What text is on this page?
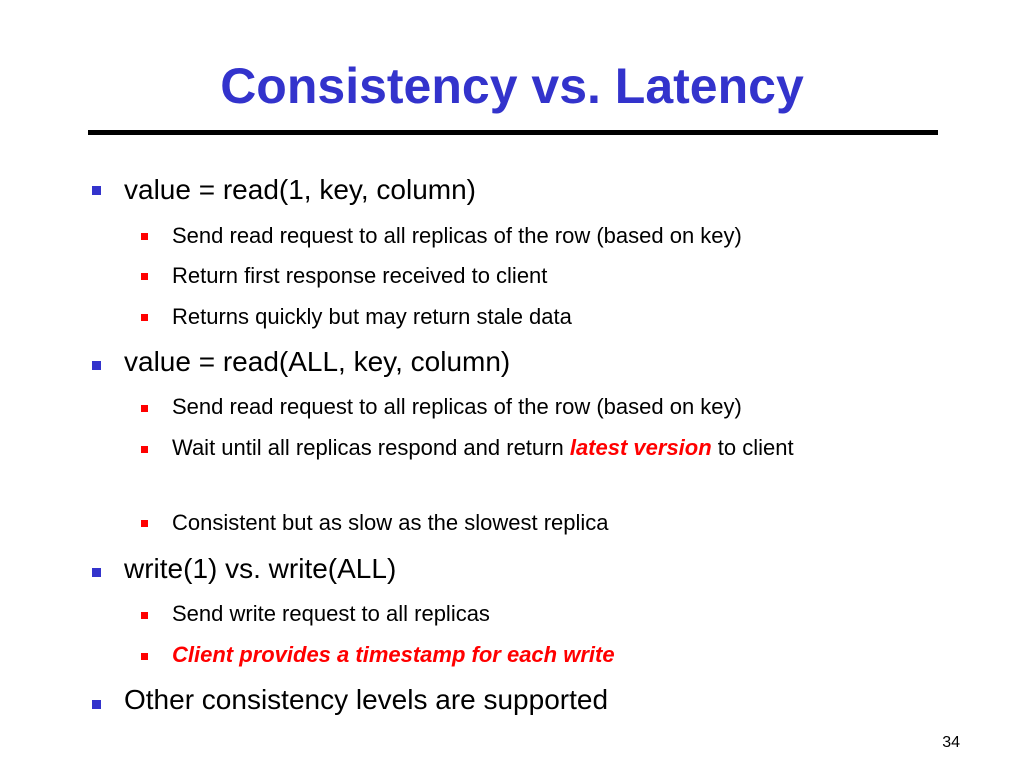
Consistency vs. Latency
value = read(1, key, column)
Send read request to all replicas of the row (based on key)
Return first response received to client
Returns quickly but may return stale data
value = read(ALL, key, column)
Send read request to all replicas of the row (based on key)
Wait until all replicas respond and return latest version to client
Consistent but as slow as the slowest replica
write(1) vs. write(ALL)
Send write request to all replicas
Client provides a timestamp for each write
Other consistency levels are supported
34
